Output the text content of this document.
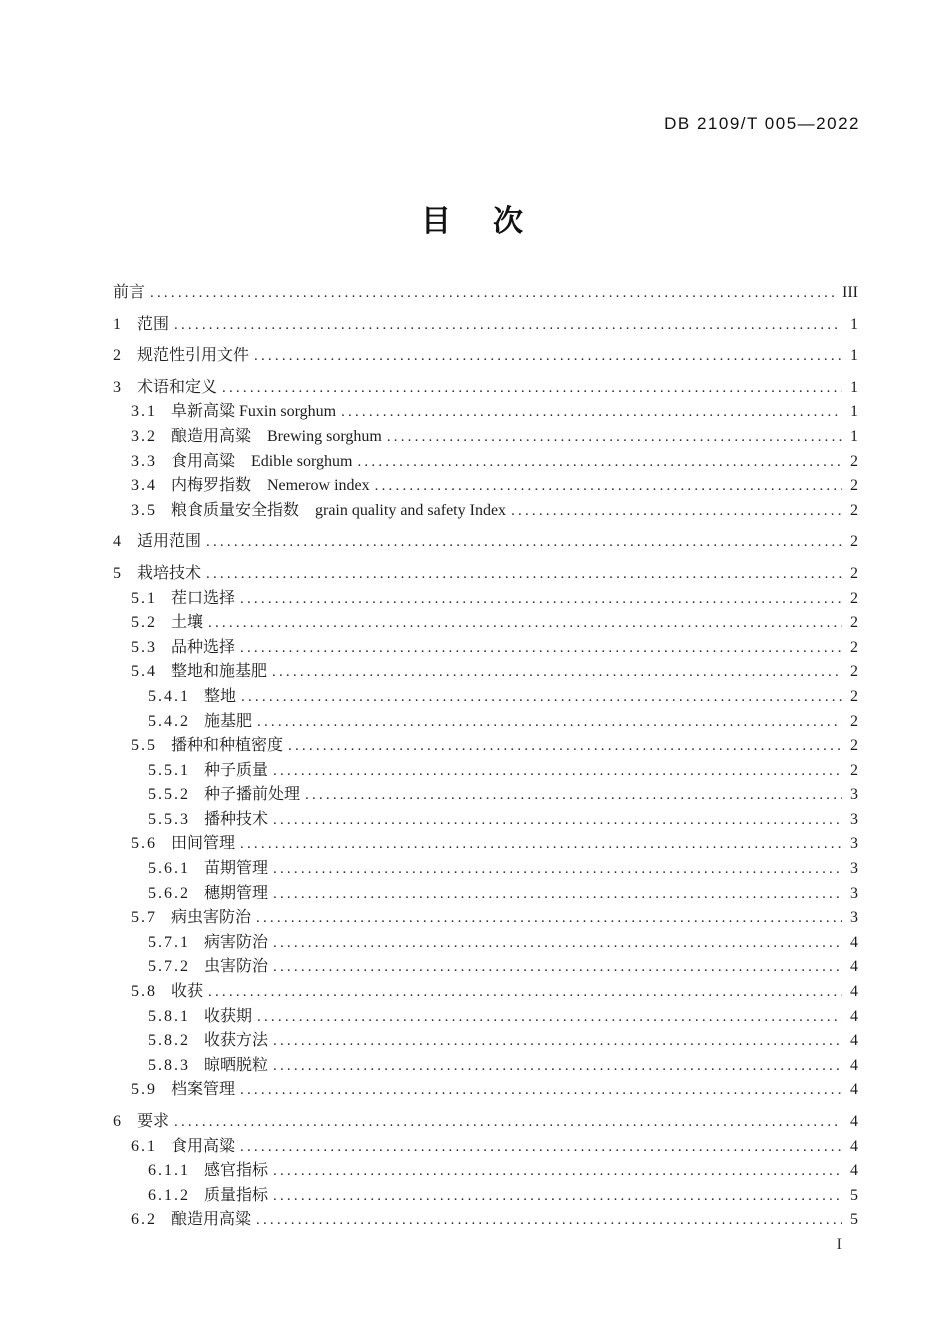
DB 2109/T 005—2022
目　次
前言 .....	III
1 范围 .....	1
2 规范性引用文件 .....	1
3 术语和定义 .....	1
3.1 阜新高粱 Fuxin sorghum .....	1
3.2 酿造用高粱　Brewing sorghum .....	1
3.3 食用高粱　Edible sorghum .....	2
3.4 内梅罗指数　Nemerow index .....	2
3.5 粮食质量安全指数　grain quality and safety Index .....	2
4 适用范围 .....	2
5 栽培技术 .....	2
5.1 茬口选择 .....	2
5.2 土壤 .....	2
5.3 品种选择 .....	2
5.4 整地和施基肥 .....	2
5.4.1 整地 .....	2
5.4.2 施基肥 .....	2
5.5 播种和种植密度 .....	2
5.5.1 种子质量 .....	2
5.5.2 种子播前处理 .....	3
5.5.3 播种技术 .....	3
5.6 田间管理 .....	3
5.6.1 苗期管理 .....	3
5.6.2 穗期管理 .....	3
5.7 病虫害防治 .....	3
5.7.1 病害防治 .....	4
5.7.2 虫害防治 .....	4
5.8 收获 .....	4
5.8.1 收获期 .....	4
5.8.2 收获方法 .....	4
5.8.3 晾晒脱粒 .....	4
5.9 档案管理 .....	4
6 要求 .....	4
6.1 食用高粱 .....	4
6.1.1 感官指标 .....	4
6.1.2 质量指标 .....	5
6.2 酿造用高粱 .....	5
I
